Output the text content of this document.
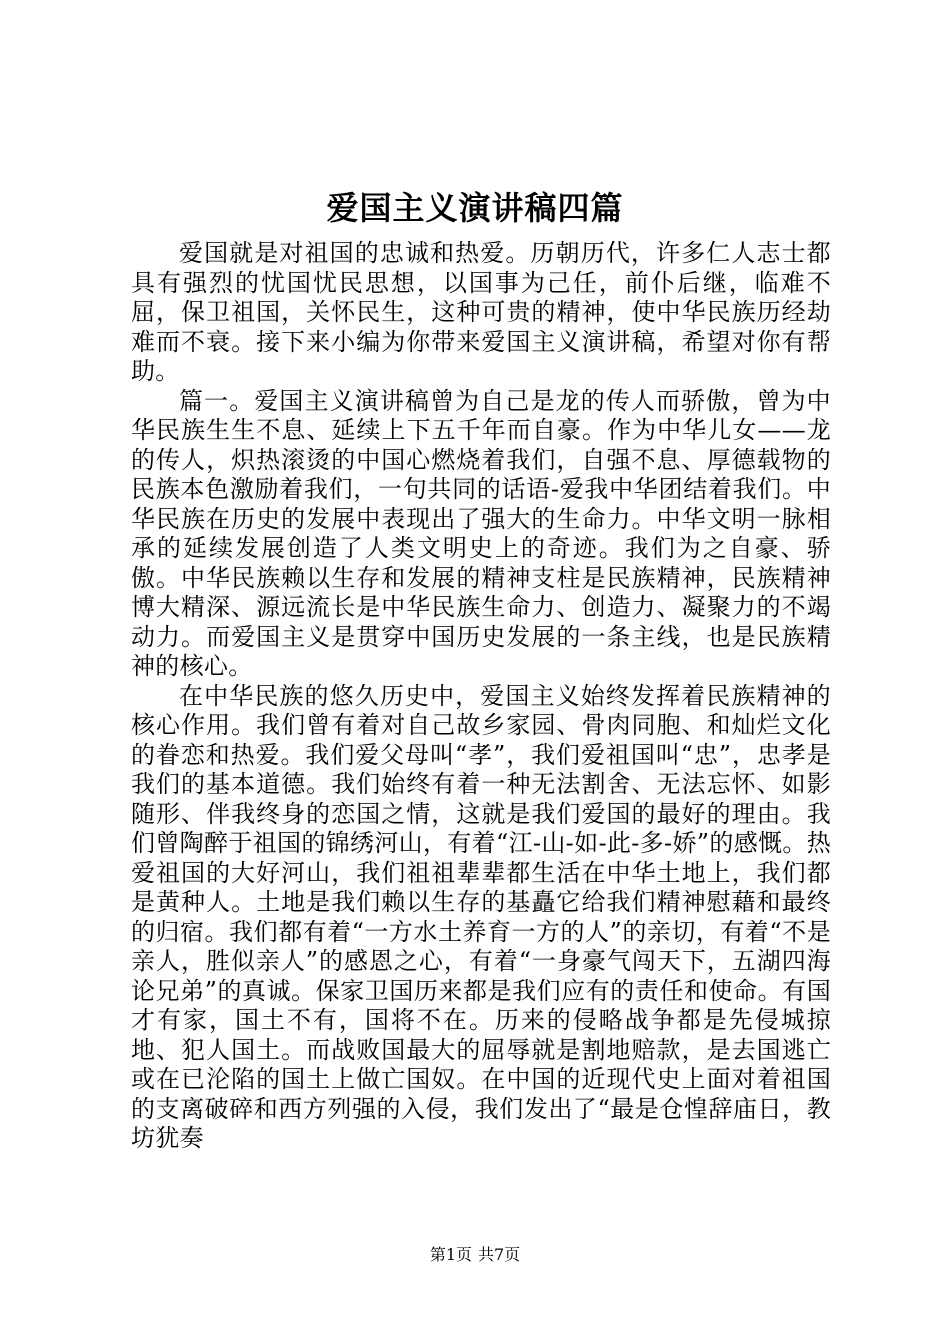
爱国主义演讲稿四篇

爱国就是对祖国的忠诚和热爱。历朝历代，许多仁人志士都具有强烈的忧国忧民思想，以国事为己任，前仆后继，临难不屈，保卫祖国，关怀民生，这种可贵的精神，使中华民族历经劫难而不衰。接下来小编为你带来爱国主义演讲稿，希望对你有帮助。

篇一。爱国主义演讲稿曾为自己是龙的传人而骄傲，曾为中华民族生生不息、延续上下五千年而自豪。作为中华儿女——龙的传人，炽热滚烫的中国心燃烧着我们，自强不息、厚德载物的民族本色激励着我们，一句共同的话语-爱我中华团结着我们。中华民族在历史的发展中表现出了强大的生命力。中华文明一脉相承的延续发展创造了人类文明史上的奇迹。我们为之自豪、骄傲。中华民族赖以生存和发展的精神支柱是民族精神，民族精神博大精深、源远流长是中华民族生命力、创造力、凝聚力的不竭动力。而爱国主义是贯穿中国历史发展的一条主线，也是民族精神的核心。

在中华民族的悠久历史中，爱国主义始终发挥着民族精神的核心作用。我们曾有着对自己故乡家园、骨肉同胞、和灿烂文化的眷恋和热爱。我们爱父母叫“孝”，我们爱祖国叫“忠”，忠孝是我们的基本道德。我们始终有着一种无法割舍、无法忘怀、如影随形、伴我终身的恋国之情，这就是我们爱国的最好的理由。我们曾陶醉于祖国的锦绣河山，有着“江-山-如-此-多-娇”的感慨。热爱祖国的大好河山，我们祖祖辈辈都生活在中华土地上，我们都是黄种人。土地是我们赖以生存的基矗它给我们精神慰藉和最终的归宿。我们都有着“一方水土养育一方的人”的亲切，有着“不是亲人，胜似亲人”的感恩之心，有着“一身豪气闯天下，五湖四海论兄弟”的真诚。保家卫国历来都是我们应有的责任和使命。有国才有家，国土不有，国将不在。历来的侵略战争都是先侵城掠地、犯人国土。而战败国最大的屈辱就是割地赔款，是去国逃亡或在已沦陷的国土上做亡国奴。在中国的近现代史上面对着祖国的支离破碎和西方列强的入侵，我们发出了“最是仓惶辞庙日，教坊犹奏

第1页 共7页
